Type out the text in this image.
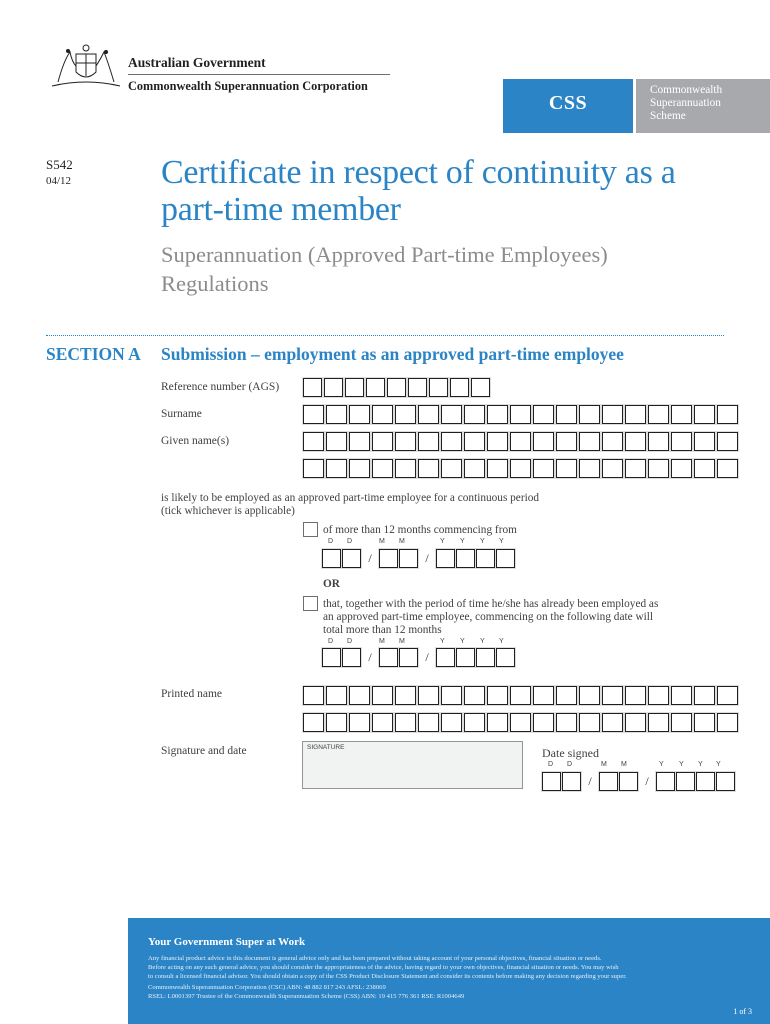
Australian Government
Commonwealth Superannuation Corporation
CSS
Commonwealth
Superannuation
Scheme
S542
04/12	Certificate in respect of continuity as a part-time member
Superannuation (Approved Part-time Employees) Regulations
SECTION A Submission – employment as an approved part-time employee
Reference number (AGS)
Surname
Given name(s)
is likely to be employed as an approved part-time employee for a continuous period
(tick whichever is applicable)
of more than 12 months commencing from
D D	M M	Y Y Y Y
/	/
OR
that, together with the period of time he/she has already been employed as
an approved part-time employee, commencing on the following date will
total more than 12 months
D D	M M	Y Y Y Y
/	/
Printed name
Signature and date	SIGNATURE	Date signed
D D	M M	Y Y Y Y
/	/
Your Government Super at Work
Any financial product advice in this document is general advice only and has been prepared without taking account of your personal objectives, financial situation or needs.
Before acting on any such general advice, you should consider the appropriateness of the advice, having regard to your own objectives, financial situation or needs. You may wish
to consult a licensed financial advisor. You should obtain a copy of the CSS Product Disclosure Statement and consider its contents before making any decision regarding your super.
Commonwealth Superannuation Corporation (CSC) ABN: 48 882 817 243 AFSL: 238069
RSEL: L0001397 Trustee of the Commonwealth Superannuation Scheme (CSS) ABN: 19 415 776 361 RSE: R1004649
1 of 3
